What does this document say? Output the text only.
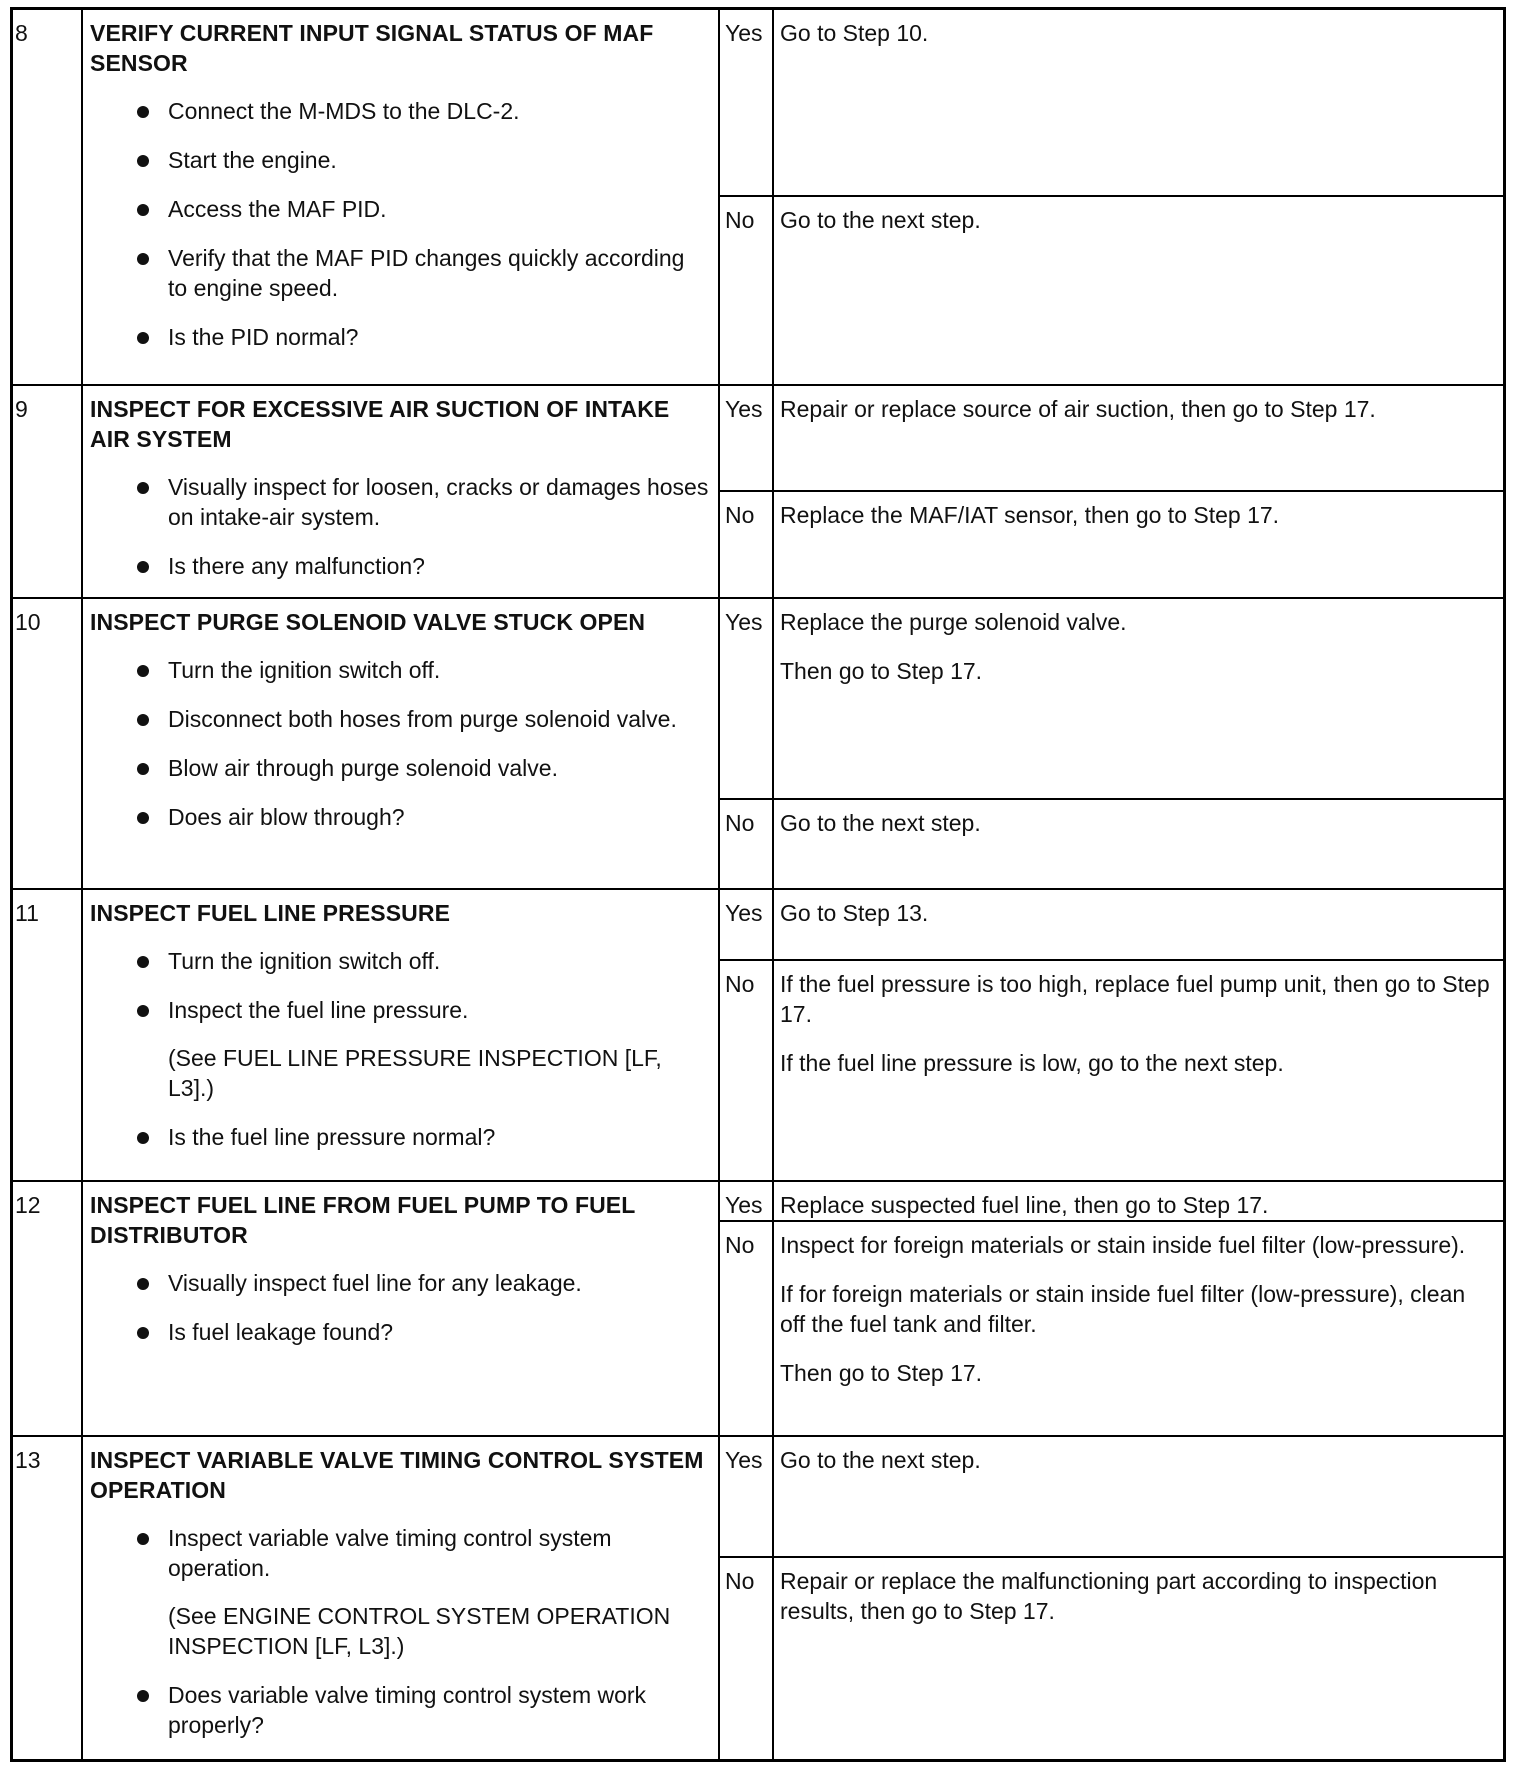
8	VERIFY CURRENT INPUT SIGNAL STATUS OF MAF SENSOR
Connect the M-MDS to the DLC-2.
Start the engine.
Access the MAF PID.
Verify that the MAF PID changes quickly according to engine speed.
Is the PID normal?
Yes Go to Step 10.

No	Go to the next step.

9	INSPECT FOR EXCESSIVE AIR SUCTION OF INTAKE AIR SYSTEM
Visually inspect for loosen, cracks or damages hoses on intake-air system.
Is there any malfunction?
Yes Repair or replace source of air suction, then go to Step 17.

No	Replace the MAF/IAT sensor, then go to Step 17.

10	INSPECT PURGE SOLENOID VALVE STUCK OPEN
Turn the ignition switch off.
Disconnect both hoses from purge solenoid valve.
Blow air through purge solenoid valve.
Does air blow through?
Yes Replace the purge solenoid valve.

Then go to Step 17.

No	Go to the next step.

11	INSPECT FUEL LINE PRESSURE
Turn the ignition switch off.
Inspect the fuel line pressure.
(See FUEL LINE PRESSURE INSPECTION [LF, L3].)
Is the fuel line pressure normal?
Yes Go to Step 13.

No	If the fuel pressure is too high, replace fuel pump unit, then go to Step 17.

If the fuel line pressure is low, go to the next step.

12	INSPECT FUEL LINE FROM FUEL PUMP TO FUEL DISTRIBUTOR
Visually inspect fuel line for any leakage.
Is fuel leakage found?
Yes Replace suspected fuel line, then go to Step 17.

No	Inspect for foreign materials or stain inside fuel filter (low-pressure).

If for foreign materials or stain inside fuel filter (low-pressure), clean off the fuel tank and filter.

Then go to Step 17.

13	INSPECT VARIABLE VALVE TIMING CONTROL SYSTEM OPERATION
Inspect variable valve timing control system operation.
(See ENGINE CONTROL SYSTEM OPERATION INSPECTION [LF, L3].)
Does variable valve timing control system work properly?
Yes Go to the next step.

No	Repair or replace the malfunctioning part according to inspection results, then go to Step 17.
